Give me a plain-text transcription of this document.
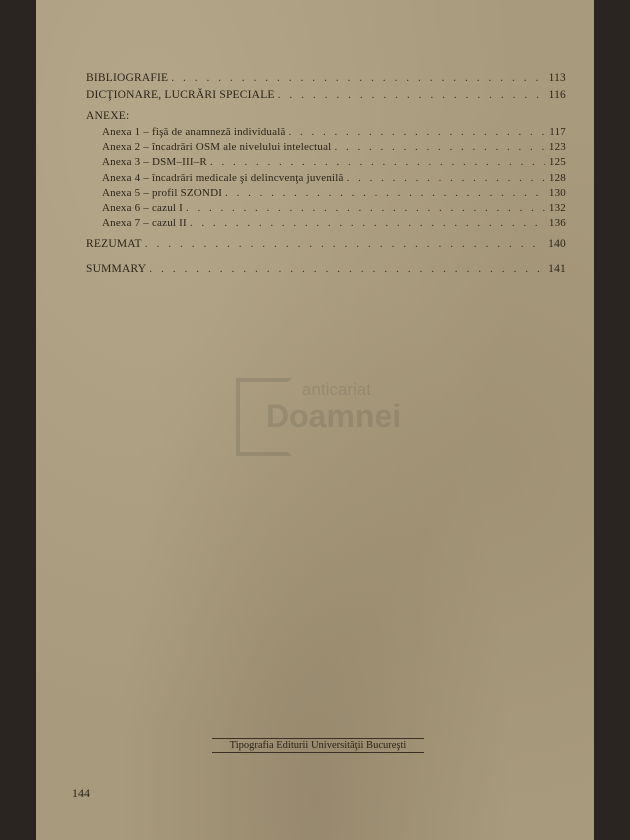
BIBLIOGRAFIE . . .	113
DICŢIONARE, LUCRĂRI SPECIALE . . .	116
ANEXE:
Anexa 1 – fişă de anamneză individuală . . .	117
Anexa 2 – încadrări OSM ale nivelului intelectual . . .	123
Anexa 3 – DSM–III–R . . .	125
Anexa 4 – încadrări medicale şi delincvenţa juvenilă . . .	128
Anexa 5 – profil SZONDI . . .	130
Anexa 6 – cazul I . . .	132
Anexa 7 – cazul II . . .	136
REZUMAT . . .	140
SUMMARY . . .	141
anticariat
Doamnei
Tipografia Editurii Universităţii Bucureşti
144
